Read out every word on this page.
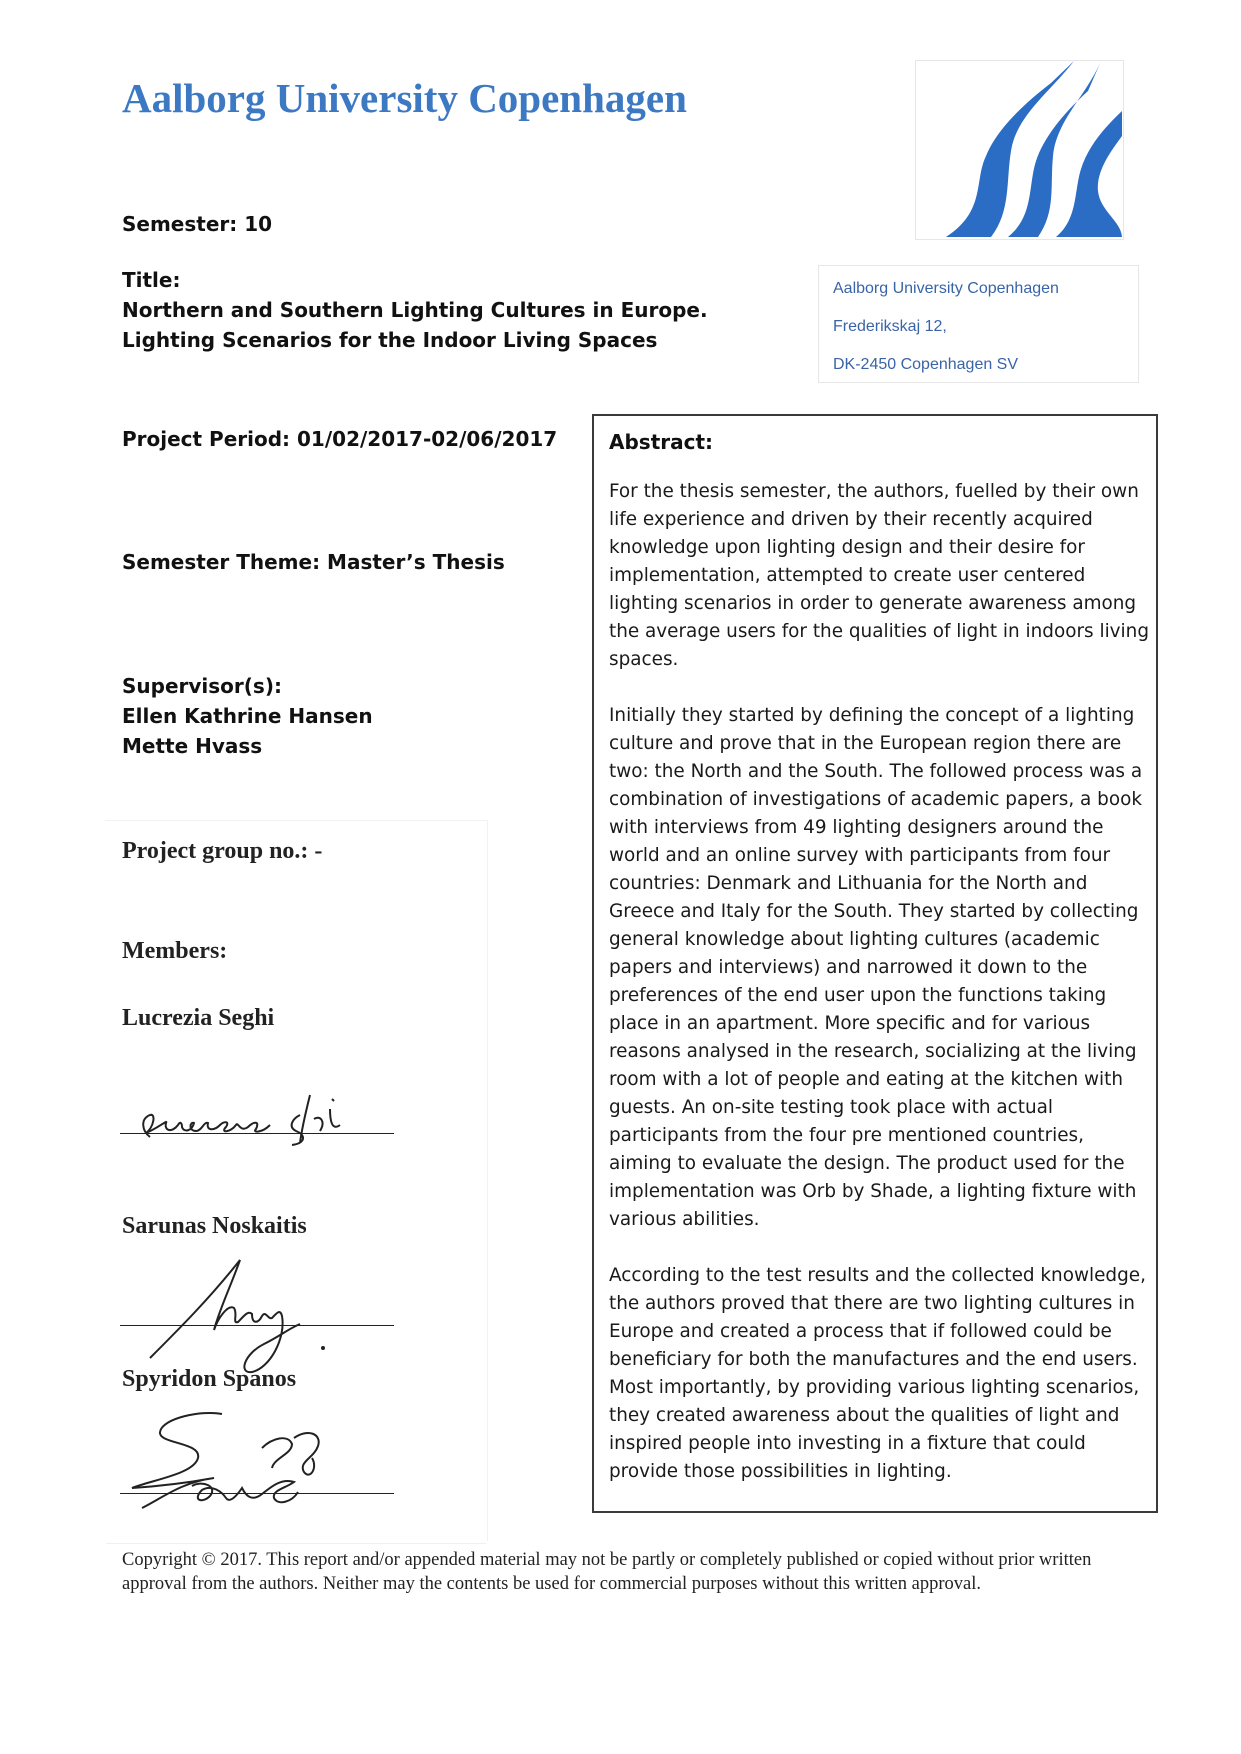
Aalborg University Copenhagen
Aalborg University Copenhagen
Frederikskaj 12,
DK-2450 Copenhagen SV
Semester: 10
Title:
Northern and Southern Lighting Cultures in Europe.
Lighting Scenarios for the Indoor Living Spaces
Project Period: 01/02/2017-02/06/2017
Semester Theme: Master’s Thesis
Supervisor(s):
Ellen Kathrine Hansen
Mette Hvass
Project group no.: -
Members:
Lucrezia Seghi
Sarunas Noskaitis
Spyridon Spanos
Abstract:

For the thesis semester, the authors, fuelled by their own life experience and driven by their recently acquired knowledge upon lighting design and their desire for implementation, attempted to create user centered lighting scenarios in order to generate awareness among the average users for the qualities of light in indoors living spaces.

Initially they started by defining the concept of a lighting culture and prove that in the European region there are two: the North and the South. The followed process was a combination of investigations of academic papers, a book with interviews from 49 lighting designers around the world and an online survey with participants from four countries: Denmark and Lithuania for the North and Greece and Italy for the South. They started by collecting general knowledge about lighting cultures (academic papers and interviews) and narrowed it down to the preferences of the end user upon the functions taking place in an apartment. More specific and for various reasons analysed in the research, socializing at the living room with a lot of people and eating at the kitchen with guests. An on-site testing took place with actual participants from the four pre mentioned countries, aiming to evaluate the design. The product used for the implementation was Orb by Shade, a lighting fixture with various abilities.

According to the test results and the collected knowledge, the authors proved that there are two lighting cultures in Europe and created a process that if followed could be beneficiary for both the manufactures and the end users. Most importantly, by providing various lighting scenarios, they created awareness about the qualities of light and inspired people into investing in a fixture that could provide those possibilities in lighting.

Copyright © 2017. This report and/or appended material may not be partly or completely published or copied without prior written approval from the authors. Neither may the contents be used for commercial purposes without this written approval.
